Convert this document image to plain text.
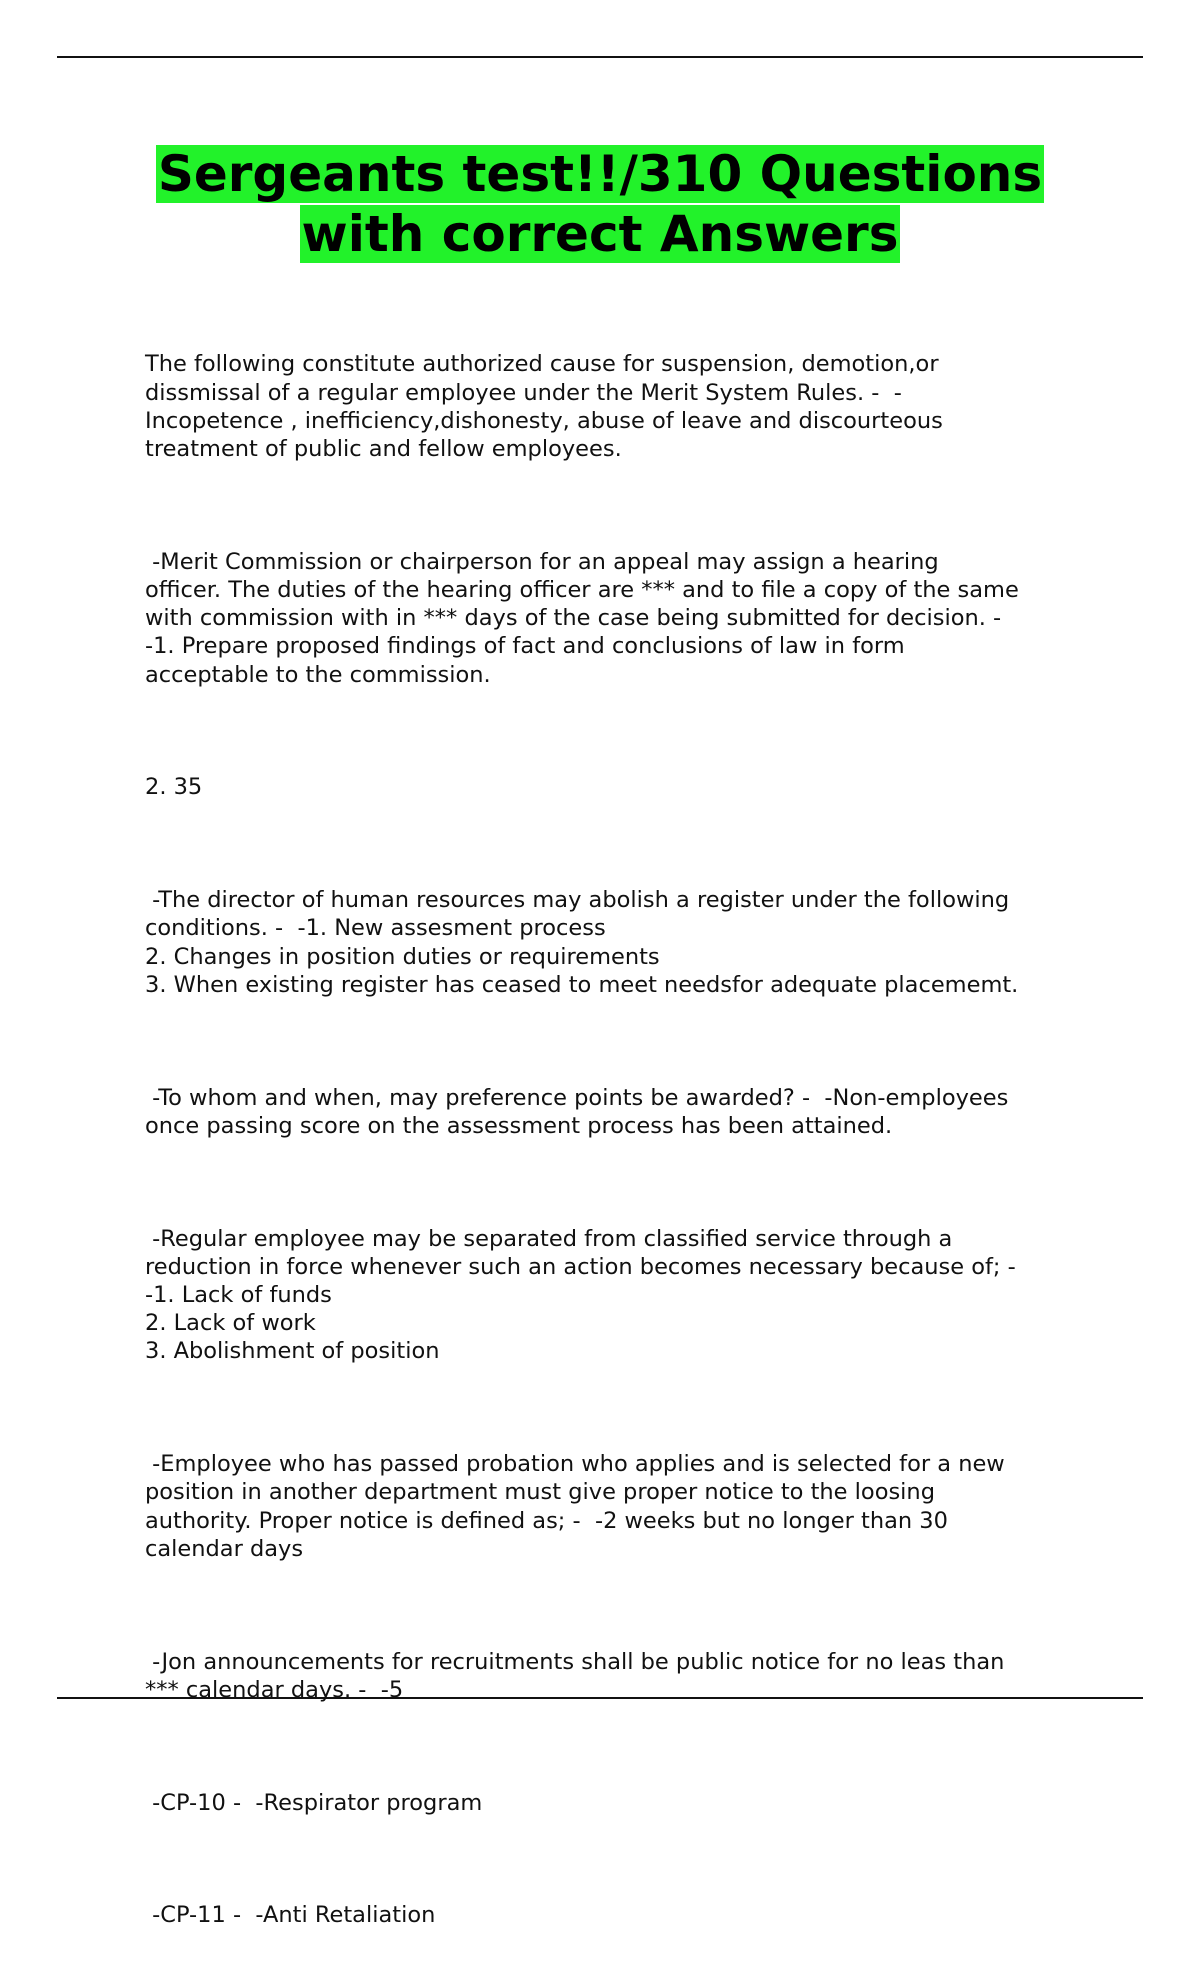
Sergeants test!!/310 Questions
with correct Answers

The following constitute authorized cause for suspension, demotion,or
dissmissal of a regular employee under the Merit System Rules. -  -
Incopetence , inefficiency,dishonesty, abuse of leave and discourteous
treatment of public and fellow employees.

-Merit Commission or chairperson for an appeal may assign a hearing
officer. The duties of the hearing officer are *** and to file a copy of the same
with commission with in *** days of the case being submitted for decision. -
-1. Prepare proposed findings of fact and conclusions of law in form
acceptable to the commission.

2. 35

-The director of human resources may abolish a register under the following
conditions. -  -1. New assesment process
2. Changes in position duties or requirements
3. When existing register has ceased to meet needsfor adequate placememt.

-To whom and when, may preference points be awarded? -  -Non-employees
once passing score on the assessment process has been attained.

-Regular employee may be separated from classified service through a
reduction in force whenever such an action becomes necessary because of; -
-1. Lack of funds
2. Lack of work
3. Abolishment of position

-Employee who has passed probation who applies and is selected for a new
position in another department must give proper notice to the loosing
authority. Proper notice is defined as; -  -2 weeks but no longer than 30
calendar days

-Jon announcements for recruitments shall be public notice for no leas than
*** calendar days. -  -5

-CP-10 -  -Respirator program

-CP-11 -  -Anti Retaliation
